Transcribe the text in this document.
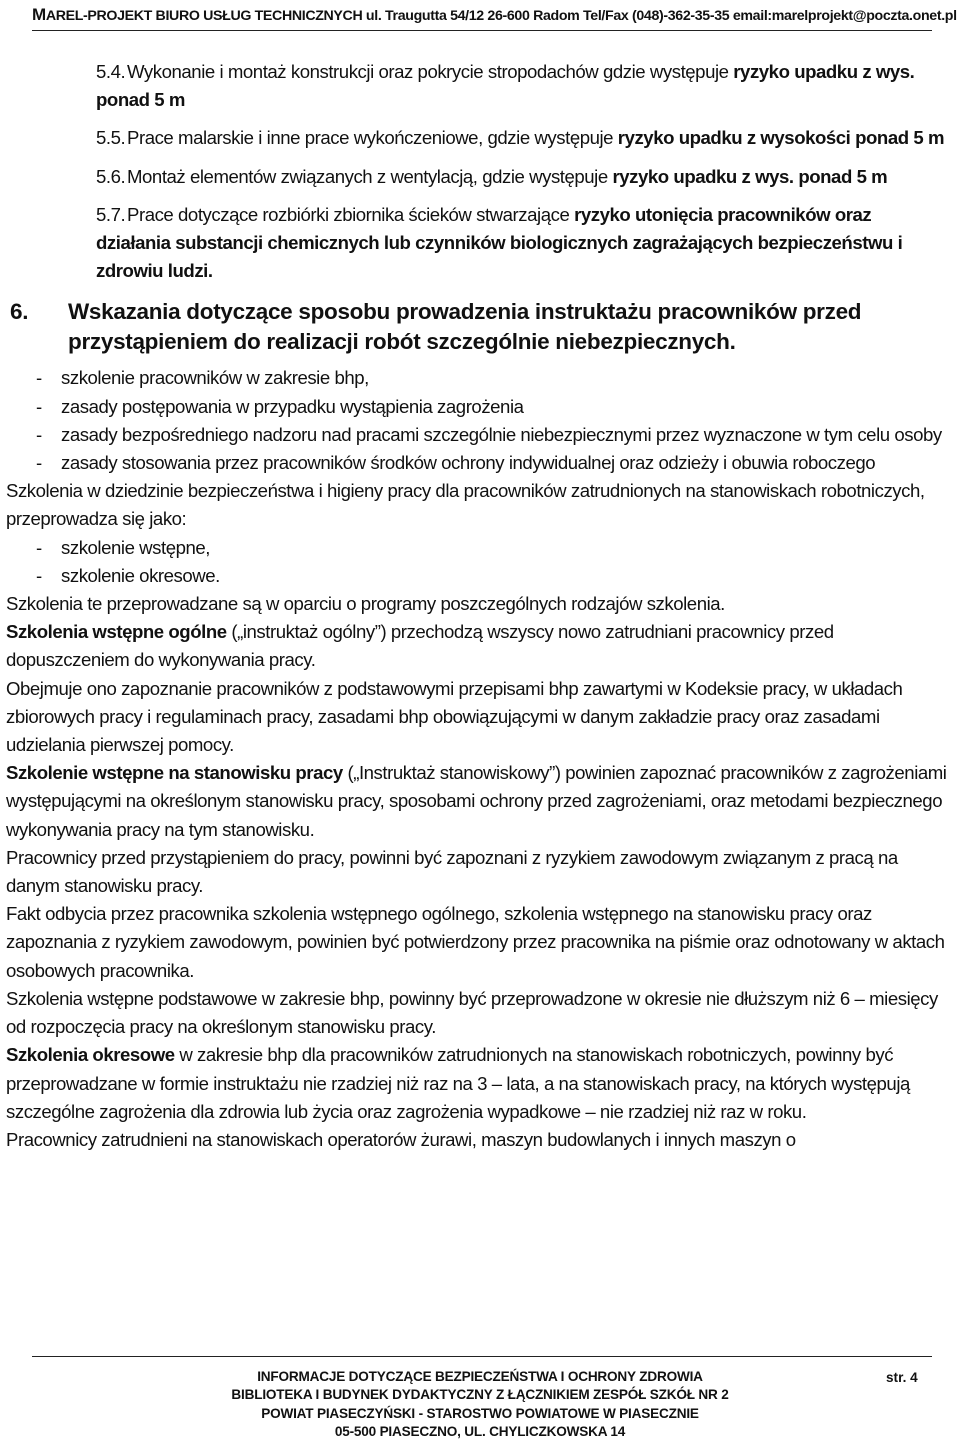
MAREL-PROJEKT BIURO USŁUG TECHNICZNYCH ul. Traugutta 54/12 26-600 Radom Tel/Fax (048)-362-35-35 email:marelprojekt@poczta.onet.pl
5.4. Wykonanie i montaż konstrukcji oraz pokrycie stropodachów gdzie występuje ryzyko upadku z wys. ponad 5 m
5.5. Prace malarskie i inne prace wykończeniowe, gdzie występuje ryzyko upadku z wysokości ponad 5 m
5.6. Montaż elementów związanych z wentylacją, gdzie występuje ryzyko upadku z wys. ponad 5 m
5.7. Prace dotyczące rozbiórki zbiornika ścieków stwarzające ryzyko utonięcia pracowników oraz działania substancji chemicznych lub czynników biologicznych zagrażających bezpieczeństwu i zdrowiu ludzi.
6. Wskazania dotyczące sposobu prowadzenia instruktażu pracowników przed przystąpieniem do realizacji robót szczególnie niebezpiecznych.
- szkolenie pracowników w zakresie bhp,
- zasady postępowania w przypadku wystąpienia zagrożenia
- zasady bezpośredniego nadzoru nad pracami szczególnie niebezpiecznymi przez wyznaczone w tym celu osoby
- zasady stosowania przez pracowników środków ochrony indywidualnej oraz odzieży i obuwia roboczego

Szkolenia w dziedzinie bezpieczeństwa i higieny pracy dla pracowników zatrudnionych na stanowiskach robotniczych, przeprowadza się jako:

- szkolenie wstępne,
- szkolenie okresowe.

Szkolenia te przeprowadzane są w oparciu o programy poszczególnych rodzajów szkolenia.

Szkolenia wstępne ogólne („instruktaż ogólny”) przechodzą wszyscy nowo zatrudniani pracownicy przed dopuszczeniem do wykonywania pracy.

Obejmuje ono zapoznanie pracowników z podstawowymi przepisami bhp zawartymi w Kodeksie pracy, w układach zbiorowych pracy i regulaminach pracy, zasadami bhp obowiązującymi w danym zakładzie pracy oraz zasadami udzielania pierwszej pomocy.

Szkolenie wstępne na stanowisku pracy („Instruktaż stanowiskowy”) powinien zapoznać pracowników z zagrożeniami występującymi na określonym stanowisku pracy, sposobami ochrony przed zagrożeniami, oraz metodami bezpiecznego wykonywania pracy na tym stanowisku.

Pracownicy przed przystąpieniem do pracy, powinni być zapoznani z ryzykiem zawodowym związanym z pracą na danym stanowisku pracy.

Fakt odbycia przez pracownika szkolenia wstępnego ogólnego, szkolenia wstępnego na stanowisku pracy oraz zapoznania z ryzykiem zawodowym, powinien być potwierdzony przez pracownika na piśmie oraz odnotowany w aktach osobowych pracownika.

Szkolenia wstępne podstawowe w zakresie bhp, powinny być przeprowadzone w okresie nie dłuższym niż 6 – miesięcy od rozpoczęcia pracy na określonym stanowisku pracy.

Szkolenia okresowe w zakresie bhp dla pracowników zatrudnionych na stanowiskach robotniczych, powinny być przeprowadzane w formie instruktażu nie rzadziej niż raz na 3 – lata, a na stanowiskach pracy, na których występują szczególne zagrożenia dla zdrowia lub życia oraz zagrożenia wypadkowe – nie rzadziej niż raz w roku.

Pracownicy zatrudnieni na stanowiskach operatorów żurawi, maszyn budowlanych i innych maszyn o

INFORMACJE DOTYCZĄCE BEZPIECZEŃSTWA I OCHRONY ZDROWIA
BIBLIOTEKA I BUDYNEK DYDAKTYCZNY Z ŁĄCZNIKIEM ZESPÓŁ SZKÓŁ NR 2
POWIAT PIASECZYŃSKI - STAROSTWO POWIATOWE W PIASECZNIE
05-500 PIASECZNO, UL. CHYLICZKOWSKA 14
str. 4
